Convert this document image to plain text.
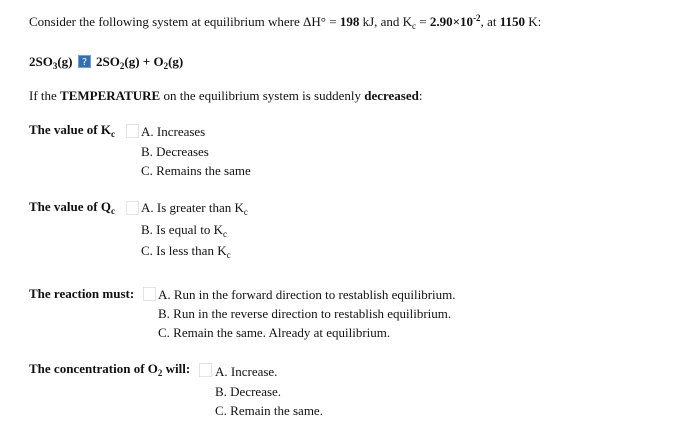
Consider the following system at equilibrium where ΔH° = 198 kJ, and $K_c = 2.90\times 10^{-2}$, at 1150 K:
$2SO_3(g)$ ? $2SO_2(g) + O_2(g)$
If the TEMPERATURE on the equilibrium system is suddenly decreased:
The value of $K_c$ A. Increases
B. Decreases
C. Remains the same
The value of $Q_c$ A. Is greater than $K_c$
B. Is equal to $K_c$
C. Is less than $K_c$
The reaction must: A. Run in the forward direction to restablish equilibrium.
B. Run in the reverse direction to restablish equilibrium.
C. Remain the same. Already at equilibrium.
The concentration of $O_2$ will: A. Increase.
B. Decrease.
C. Remain the same.
